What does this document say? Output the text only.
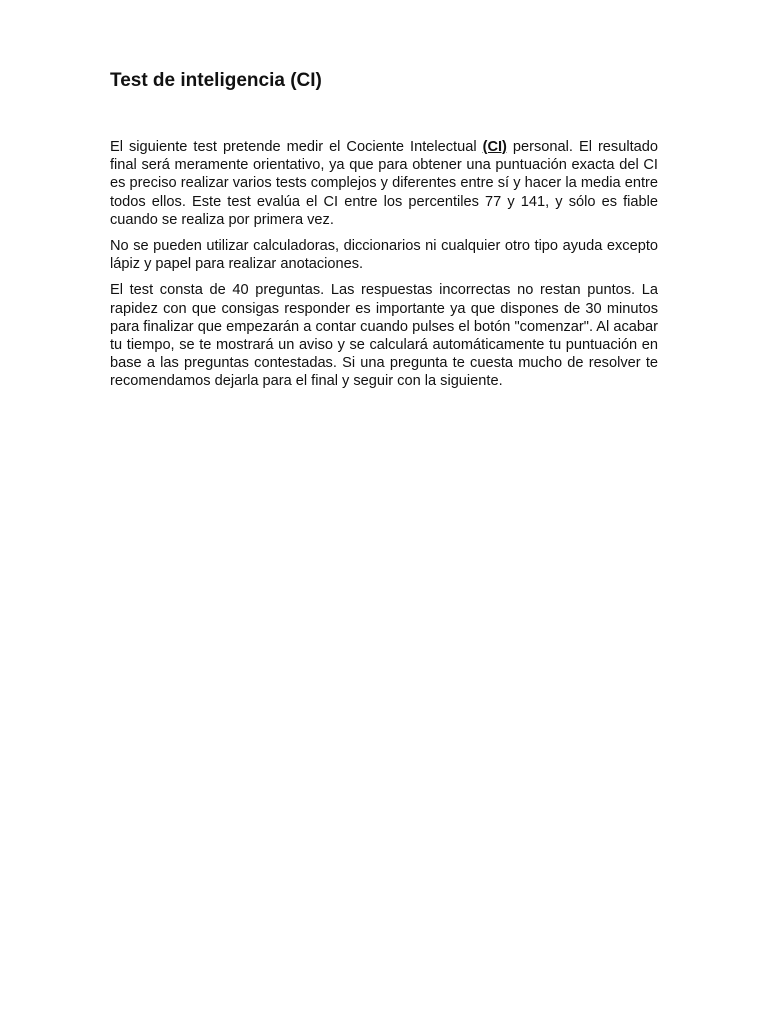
Test de inteligencia (CI)

El siguiente test pretende medir el Cociente Intelectual (CI) personal. El resultado final será meramente orientativo, ya que para obtener una puntuación exacta del CI es preciso realizar varios tests complejos y diferentes entre sí y hacer la media entre todos ellos. Este test evalúa el CI entre los percentiles 77 y 141, y sólo es fiable cuando se realiza por primera vez.

No se pueden utilizar calculadoras, diccionarios ni cualquier otro tipo ayuda excepto lápiz y papel para realizar anotaciones.

El test consta de 40 preguntas. Las respuestas incorrectas no restan puntos. La rapidez con que consigas responder es importante ya que dispones de 30 minutos para finalizar que empezarán a contar cuando pulses el botón "comenzar". Al acabar tu tiempo, se te mostrará un aviso y se calculará automáticamente tu puntuación en base a las preguntas contestadas. Si una pregunta te cuesta mucho de resolver te recomendamos dejarla para el final y seguir con la siguiente.
